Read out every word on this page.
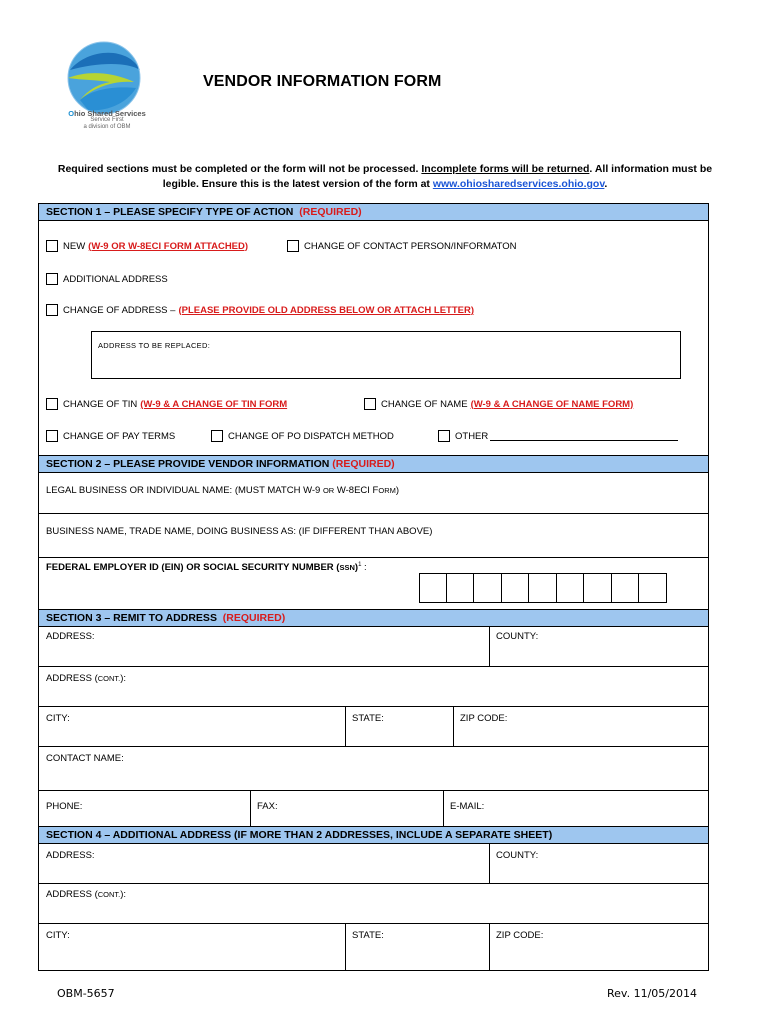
Ohio Shared Services
Service First
a division of OBM
VENDOR INFORMATION FORM
Required sections must be completed or the form will not be processed. Incomplete forms will be returned. All information must be legible. Ensure this is the latest version of the form at www.ohiosharedservices.ohio.gov.
SECTION 1 – PLEASE SPECIFY TYPE OF ACTION (REQUIRED)
NEW (W-9 OR W-8ECI FORM ATTACHED)	CHANGE OF CONTACT PERSON/INFORMATON
ADDITIONAL ADDRESS
CHANGE OF ADDRESS – (PLEASE PROVIDE OLD ADDRESS BELOW OR ATTACH LETTER)
ADDRESS TO BE REPLACED:
CHANGE OF TIN (W-9 & A CHANGE OF TIN FORM	CHANGE OF NAME (W-9 & A CHANGE OF NAME FORM)
CHANGE OF PAY TERMS	CHANGE OF PO DISPATCH METHOD	OTHER
SECTION 2 – PLEASE PROVIDE VENDOR INFORMATION (REQUIRED)
LEGAL BUSINESS OR INDIVIDUAL NAME: (MUST MATCH W-9 OR W-8ECI FORM)
BUSINESS NAME, TRADE NAME, DOING BUSINESS AS: (IF DIFFERENT THAN ABOVE)
FEDERAL EMPLOYER ID (EIN) OR SOCIAL SECURITY NUMBER (SSN)$^1$ :
SECTION 3 – REMIT TO ADDRESS (REQUIRED)
ADDRESS:	COUNTY:
ADDRESS (CONT.):
CITY:	STATE:	ZIP CODE:
CONTACT NAME:
PHONE:	FAX:	E-MAIL:
SECTION 4 – ADDITIONAL ADDRESS (IF MORE THAN 2 ADDRESSES, INCLUDE A SEPARATE SHEET)
ADDRESS:	COUNTY:
ADDRESS (CONT.):
CITY:	STATE:	ZIP CODE:
OBM-5657	Rev. 11/05/2014
